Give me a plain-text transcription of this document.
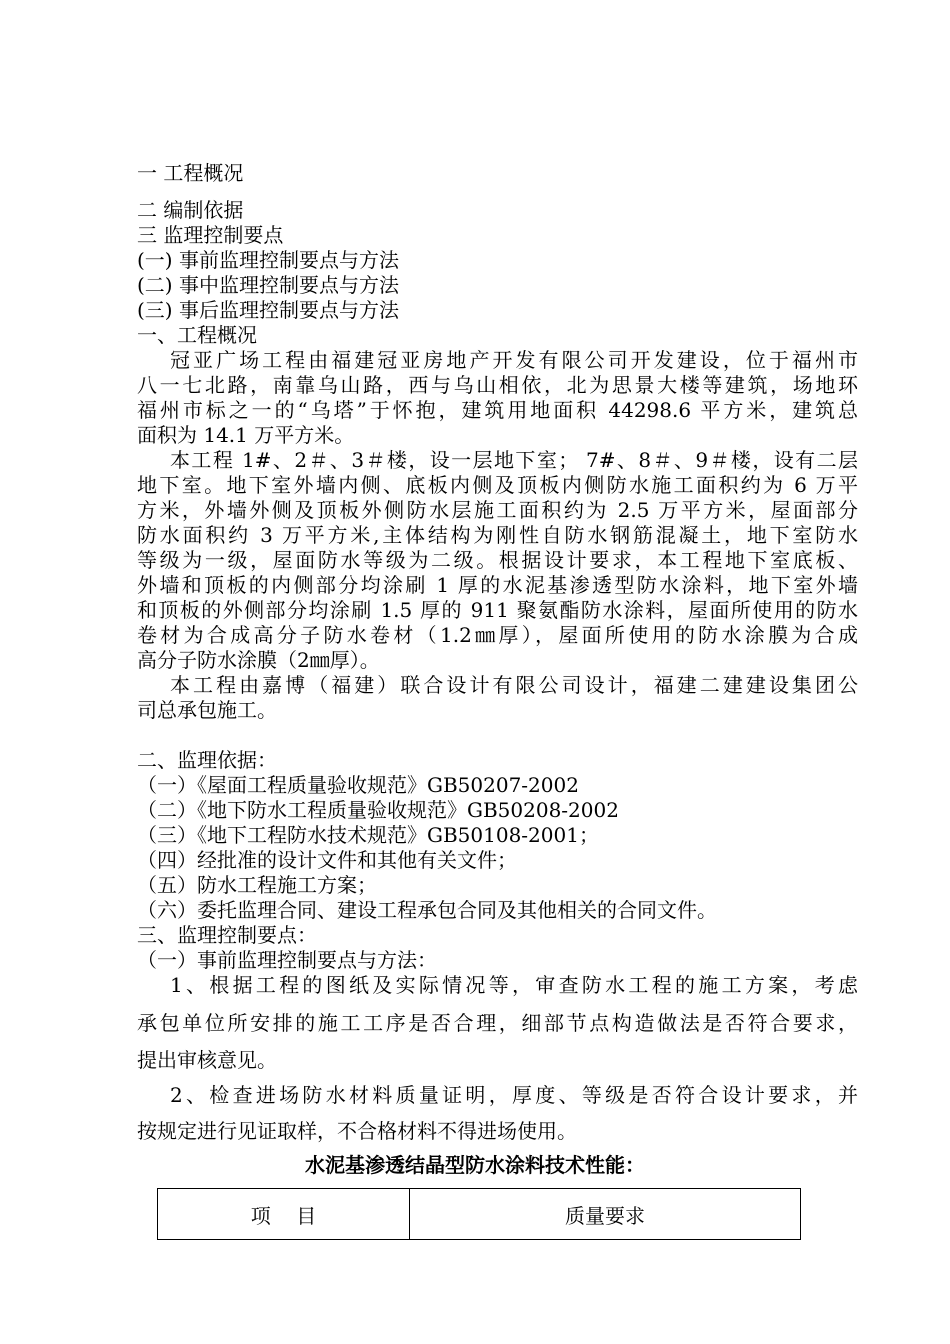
一 工程概况
二 编制依据
三 监理控制要点
(一) 事前监理控制要点与方法
(二) 事中监理控制要点与方法
(三) 事后监理控制要点与方法
一、工程概况
冠亚广场工程由福建冠亚房地产开发有限公司开发建设，位于福州市
八一七北路，南靠乌山路，西与乌山相依，北为思景大楼等建筑，场地环
福州市标之一的“乌塔”于怀抱，建筑用地面积 44298.6 平方米，建筑总
面积为 14.1 万平方米。
本工程 1#、2＃、3＃楼，设一层地下室； 7#、8＃、9＃楼，设有二层
地下室。地下室外墙内侧、底板内侧及顶板内侧防水施工面积约为 6 万平
方米，外墙外侧及顶板外侧防水层施工面积约为 2.5 万平方米，屋面部分
防水面积约 3 万平方米,主体结构为刚性自防水钢筋混凝土，地下室防水
等级为一级，屋面防水等级为二级。根据设计要求，本工程地下室底板、
外墙和顶板的内侧部分均涂刷 1 厚的水泥基渗透型防水涂料，地下室外墙
和顶板的外侧部分均涂刷 1.5 厚的 911 聚氨酯防水涂料，屋面所使用的防水
卷材为合成高分子防水卷材（1.2㎜厚），屋面所使用的防水涂膜为合成
高分子防水涂膜（2㎜厚）。
本工程由嘉博（福建）联合设计有限公司设计，福建二建建设集团公
司总承包施工。
二、监理依据：
（一）《屋面工程质量验收规范》GB50207-2002
（二）《地下防水工程质量验收规范》GB50208-2002
（三）《地下工程防水技术规范》GB50108-2001；
（四）经批准的设计文件和其他有关文件；
（五）防水工程施工方案；
（六）委托监理合同、建设工程承包合同及其他相关的合同文件。
三、监理控制要点：
（一）事前监理控制要点与方法：
1、根据工程的图纸及实际情况等，审查防水工程的施工方案，考虑
承包单位所安排的施工工序是否合理，细部节点构造做法是否符合要求，
提出审核意见。
2、检查进场防水材料质量证明，厚度、等级是否符合设计要求，并
按规定进行见证取样，不合格材料不得进场使用。
水泥基渗透结晶型防水涂料技术性能：
项    目	质量要求
